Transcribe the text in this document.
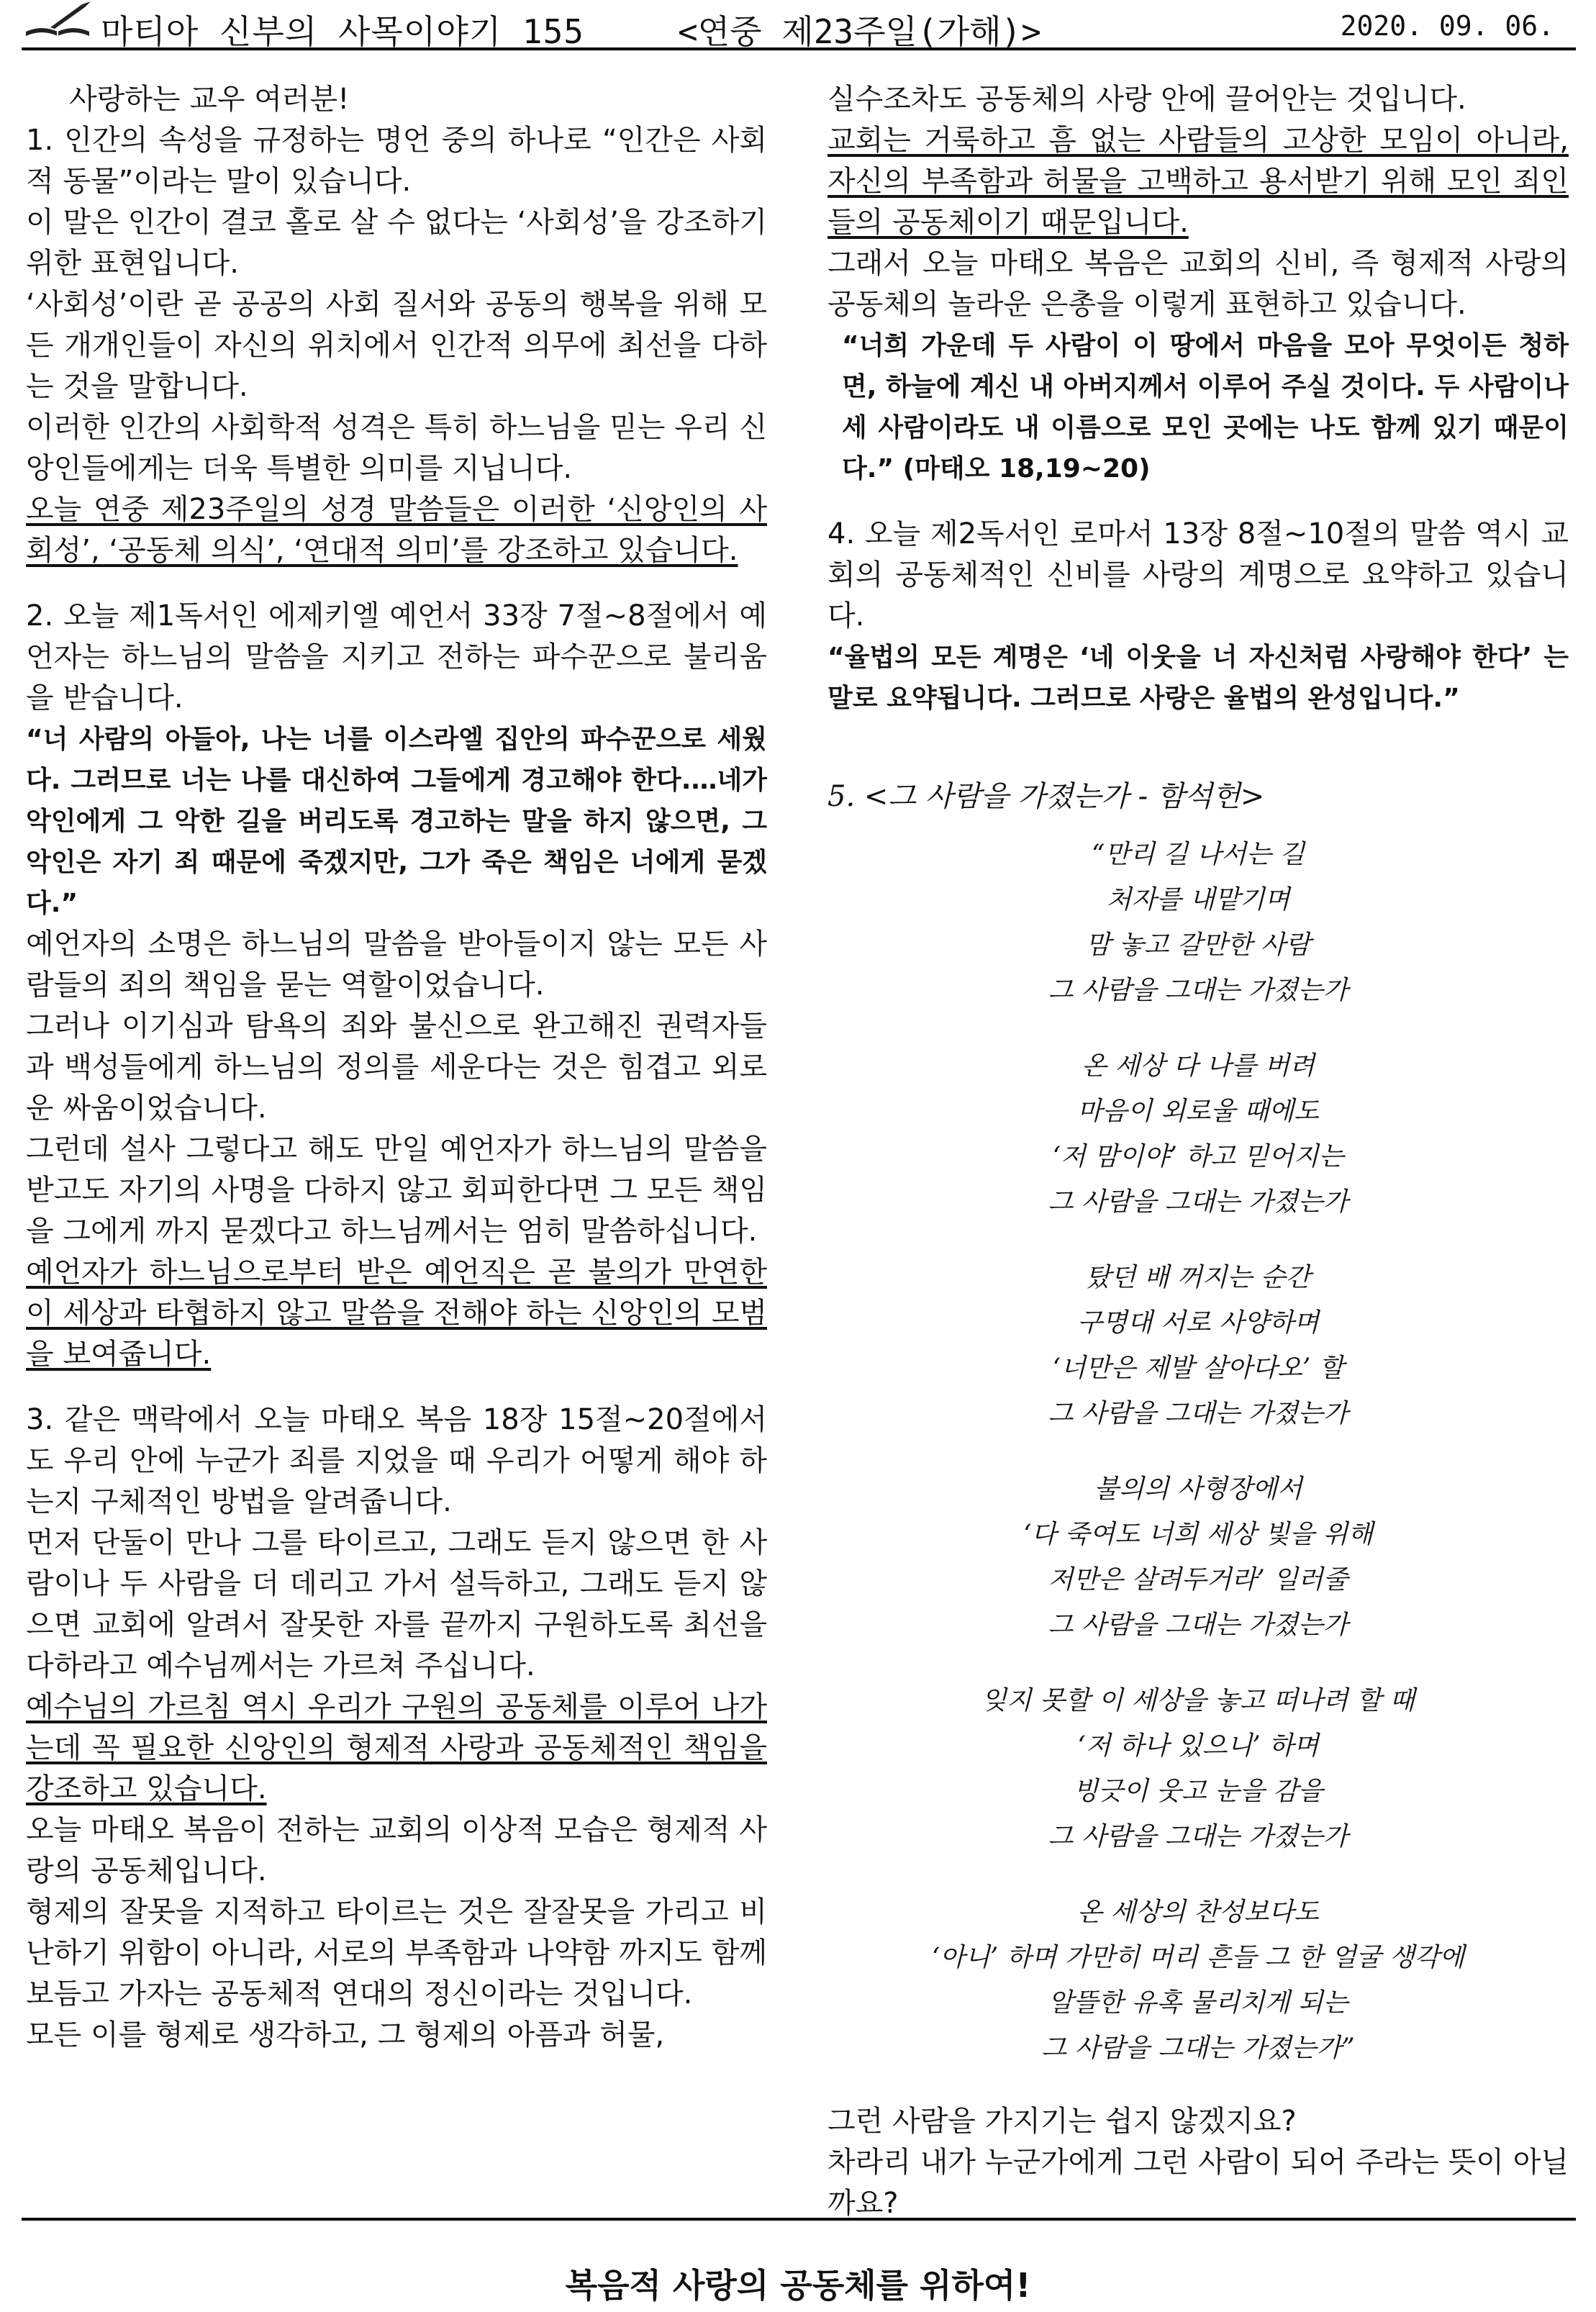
마티아 신부의 사목이야기 155	<연중 제23주일(가해)>	2020. 09. 06.

사랑하는 교우 여러분!

1. 인간의 속성을 규정하는 명언 중의 하나로 “인간은 사회적 동물”이라는 말이 있습니다.

이 말은 인간이 결코 홀로 살 수 없다는 ‘사회성’을 강조하기 위한 표현입니다.

‘사회성’이란 곧 공공의 사회 질서와 공동의 행복을 위해 모든 개개인들이 자신의 위치에서 인간적 의무에 최선을 다하는 것을 말합니다.

이러한 인간의 사회학적 성격은 특히 하느님을 믿는 우리 신앙인들에게는 더욱 특별한 의미를 지닙니다.

오늘 연중 제23주일의 성경 말씀들은 이러한 ‘신앙인의 사회성’, ‘공동체 의식’, ‘연대적 의미’를 강조하고 있습니다.

2. 오늘 제1독서인 에제키엘 예언서 33장 7절~8절에서 예언자는 하느님의 말씀을 지키고 전하는 파수꾼으로 불리움을 받습니다.

“너 사람의 아들아, 나는 너를 이스라엘 집안의 파수꾼으로 세웠다. 그러므로 너는 나를 대신하여 그들에게 경고해야 한다.…네가 악인에게 그 악한 길을 버리도록 경고하는 말을 하지 않으면, 그 악인은 자기 죄 때문에 죽겠지만, 그가 죽은 책임은 너에게 묻겠다.”

예언자의 소명은 하느님의 말씀을 받아들이지 않는 모든 사람들의 죄의 책임을 묻는 역할이었습니다.

그러나 이기심과 탐욕의 죄와 불신으로 완고해진 권력자들과 백성들에게 하느님의 정의를 세운다는 것은 힘겹고 외로운 싸움이었습니다.

그런데 설사 그렇다고 해도 만일 예언자가 하느님의 말씀을 받고도 자기의 사명을 다하지 않고 회피한다면 그 모든 책임을 그에게 까지 묻겠다고 하느님께서는 엄히 말씀하십니다.

예언자가 하느님으로부터 받은 예언직은 곧 불의가 만연한 이 세상과 타협하지 않고 말씀을 전해야 하는 신앙인의 모범을 보여줍니다.

3. 같은 맥락에서 오늘 마태오 복음 18장 15절~20절에서도 우리 안에 누군가 죄를 지었을 때 우리가 어떻게 해야 하는지 구체적인 방법을 알려줍니다.

먼저 단둘이 만나 그를 타이르고, 그래도 듣지 않으면 한 사람이나 두 사람을 더 데리고 가서 설득하고, 그래도 듣지 않으면 교회에 알려서 잘못한 자를 끝까지 구원하도록 최선을 다하라고 예수님께서는 가르쳐 주십니다.

예수님의 가르침 역시 우리가 구원의 공동체를 이루어 나가는데 꼭 필요한 신앙인의 형제적 사랑과 공동체적인 책임을 강조하고 있습니다.

오늘 마태오 복음이 전하는 교회의 이상적 모습은 형제적 사랑의 공동체입니다.

형제의 잘못을 지적하고 타이르는 것은 잘잘못을 가리고 비난하기 위함이 아니라, 서로의 부족함과 나약함 까지도 함께 보듬고 가자는 공동체적 연대의 정신이라는 것입니다.

모든 이를 형제로 생각하고, 그 형제의 아픔과 허물,

실수조차도 공동체의 사랑 안에 끌어안는 것입니다.

교회는 거룩하고 흠 없는 사람들의 고상한 모임이 아니라, 자신의 부족함과 허물을 고백하고 용서받기 위해 모인 죄인들의 공동체이기 때문입니다.

그래서 오늘 마태오 복음은 교회의 신비, 즉 형제적 사랑의 공동체의 놀라운 은총을 이렇게 표현하고 있습니다.

“너희 가운데 두 사람이 이 땅에서 마음을 모아 무엇이든 청하면, 하늘에 계신 내 아버지께서 이루어 주실 것이다. 두 사람이나 세 사람이라도 내 이름으로 모인 곳에는 나도 함께 있기 때문이다.” (마태오 18,19~20)

4. 오늘 제2독서인 로마서 13장 8절~10절의 말씀 역시 교회의 공동체적인 신비를 사랑의 계명으로 요약하고 있습니다.

“율법의 모든 계명은 ‘네 이웃을 너 자신처럼 사랑해야 한다’ 는 말로 요약됩니다. 그러므로 사랑은 율법의 완성입니다.”

5. <그 사람을 가졌는가 - 함석헌>

“만리 길 나서는 길
처자를 내맡기며
맘 놓고 갈만한 사람
그 사람을 그대는 가졌는가
온 세상 다 나를 버려
마음이 외로울 때에도
‘저 맘이야’ 하고 믿어지는
그 사람을 그대는 가졌는가
탔던 배 꺼지는 순간
구명대 서로 사양하며
‘너만은 제발 살아다오’ 할
그 사람을 그대는 가졌는가
불의의 사형장에서
‘다 죽여도 너희 세상 빛을 위해
저만은 살려두거라’ 일러줄
그 사람을 그대는 가졌는가
잊지 못할 이 세상을 놓고 떠나려 할 때
‘저 하나 있으니’ 하며
빙긋이 웃고 눈을 감을
그 사람을 그대는 가졌는가
온 세상의 찬성보다도
‘아니’ 하며 가만히 머리 흔들 그 한 얼굴 생각에
알뜰한 유혹 물리치게 되는
그 사람을 그대는 가졌는가”

그런 사람을 가지기는 쉽지 않겠지요?

차라리 내가 누군가에게 그런 사람이 되어 주라는 뜻이 아닐까요?

복음적 사랑의 공동체를 위하여!
